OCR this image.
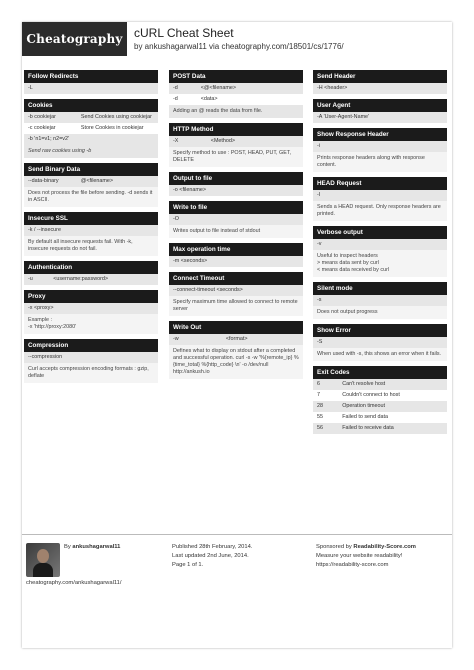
Cheatography cURL Cheat Sheet
by ankushagarwal11 via cheatography.com/18501/cs/1776/
Follow Redirects
-L
Cookies
-b cookiejar	Send Cookies using cookiejar
-c cookiejar	Store Cookies in cookiejar
-b 'n1=v1; n2=v2'
Send raw cookies using -b
Send Binary Data
--data-binary	@<filename>
Does not process the file before sending. -d sends it in ASCII.
Insecure SSL
-k / --insecure
By default all insecure requests fail. With -k, insecure requests do not fail.
Authentication
-u	<username:password>
Proxy
-x <proxy>
Example :
-x 'http://proxy:2080'
Compression
--compression
Curl accepts compression encoding formats : gzip, deflate
POST Data
-d	<@<filename>
-d	<data>
Adding an @ reads the data from file.
HTTP Method
-X	<Method>
Specify method to use : POST, HEAD, PUT, GET, DELETE
Output to file
-o <filename>
Write to file
-O
Writes output to file instead of stdout
Max operation time
-m <seconds>
Connect Timeout
--connect-timeout <seconds>
Specify maximum time allowed to connect to remote server
Write Out
-w	<format>
Defines what to display on stdout after a completed and successful operation. curl -s -w '%{remote_ip} %{time_total} %{http_code} \n' -o /dev/null http://ankush.io
Send Header
-H <header>
User Agent
-A 'User-Agent-Name'
Show Response Header
-i
Prints response headers along with response content.
HEAD Request
-I
Sends a HEAD request. Only response headers are printed.
Verbose output
-v
Useful to inspect headers
> means data sent by curl
< means data received by curl
Silent mode
-s
Does not output progress
Show Error
-S
When used with -s, this shows an error when it fails.
Exit Codes
6	Can't resolve host
7	Couldn't connect to host
28	Operation timeout
55	Failed to send data
56	Failed to receive data
By ankushagarwal11
cheatography.com/ankushagarwal11/
Published 28th February, 2014.
Last updated 2nd June, 2014.
Page 1 of 1.
Sponsored by Readability-Score.com
Measure your website readability!
https://readability-score.com
